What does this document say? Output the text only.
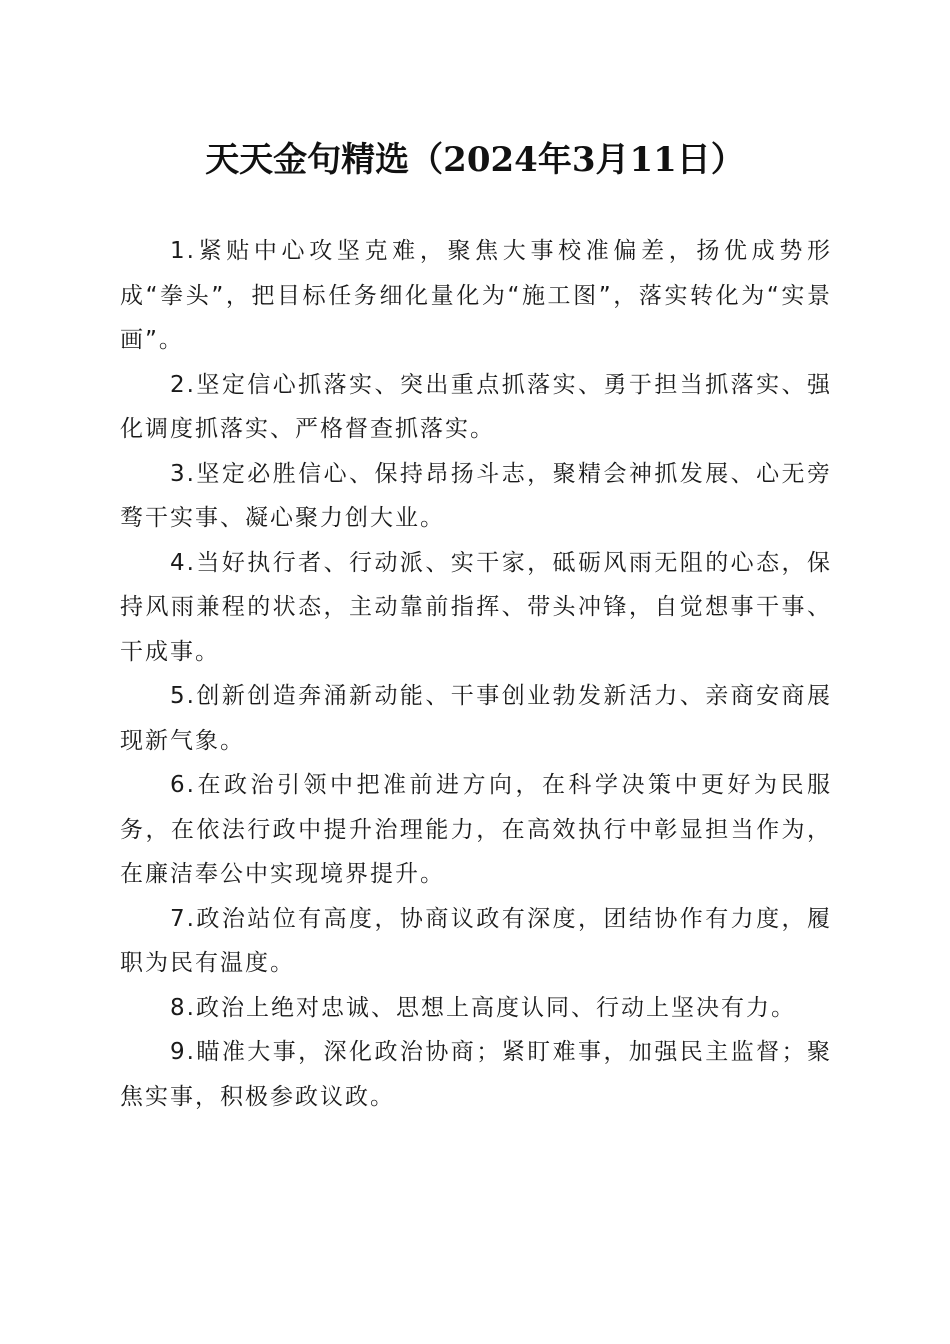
天天金句精选（2024年3月11日）

1.紧贴中心攻坚克难，聚焦大事校准偏差，扬优成势形成“拳头”，把目标任务细化量化为“施工图”，落实转化为“实景画”。

2.坚定信心抓落实、突出重点抓落实、勇于担当抓落实、强化调度抓落实、严格督查抓落实。

3.坚定必胜信心、保持昂扬斗志，聚精会神抓发展、心无旁骛干实事、凝心聚力创大业。

4.当好执行者、行动派、实干家，砥砺风雨无阻的心态，保持风雨兼程的状态，主动靠前指挥、带头冲锋，自觉想事干事、干成事。

5.创新创造奔涌新动能、干事创业勃发新活力、亲商安商展现新气象。

6.在政治引领中把准前进方向，在科学决策中更好为民服务，在依法行政中提升治理能力，在高效执行中彰显担当作为，在廉洁奉公中实现境界提升。

7.政治站位有高度，协商议政有深度，团结协作有力度，履职为民有温度。

8.政治上绝对忠诚、思想上高度认同、行动上坚决有力。

9.瞄准大事，深化政治协商；紧盯难事，加强民主监督；聚焦实事，积极参政议政。
